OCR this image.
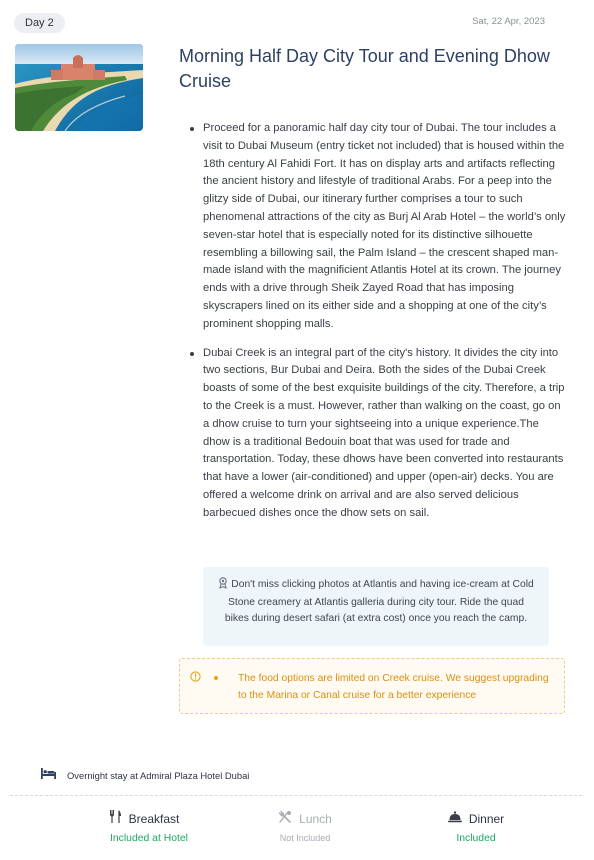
Day 2	Sat, 22 Apr, 2023
Morning Half Day City Tour and Evening Dhow Cruise
Proceed for a panoramic half day city tour of Dubai. The tour includes a visit to Dubai Museum (entry ticket not included) that is housed within the 18th century Al Fahidi Fort. It has on display arts and artifacts reflecting the ancient history and lifestyle of traditional Arabs. For a peep into the glitzy side of Dubai, our itinerary further comprises a tour to such phenomenal attractions of the city as Burj Al Arab Hotel – the world’s only seven-star hotel that is especially noted for its distinctive silhouette resembling a billowing sail, the Palm Island – the crescent shaped man-made island with the magnificient Atlantis Hotel at its crown. The journey ends with a drive through Sheik Zayed Road that has imposing skyscrapers lined on its either side and a shopping at one of the city’s prominent shopping malls.
Dubai Creek is an integral part of the city's history. It divides the city into two sections, Bur Dubai and Deira. Both the sides of the Dubai Creek boasts of some of the best exquisite buildings of the city. Therefore, a trip to the Creek is a must. However, rather than walking on the coast, go on a dhow cruise to turn your sightseeing into a unique experience.The dhow is a traditional Bedouin boat that was used for trade and transportation. Today, these dhows have been converted into restaurants that have a lower (air-conditioned) and upper (open-air) decks. You are offered a welcome drink on arrival and are also served delicious barbecued dishes once the dhow sets on sail.
Don't miss clicking photos at Atlantis and having ice-cream at Cold Stone creamery at Atlantis galleria during city tour. Ride the quad bikes during desert safari (at extra cost) once you reach the camp.
The food options are limited on Creek cruise. We suggest upgrading to the Marina or Canal cruise for a better experience
Overnight stay at Admiral Plaza Hotel Dubai
Breakfast
Included at Hotel
Lunch
Not Included
Dinner
Included
